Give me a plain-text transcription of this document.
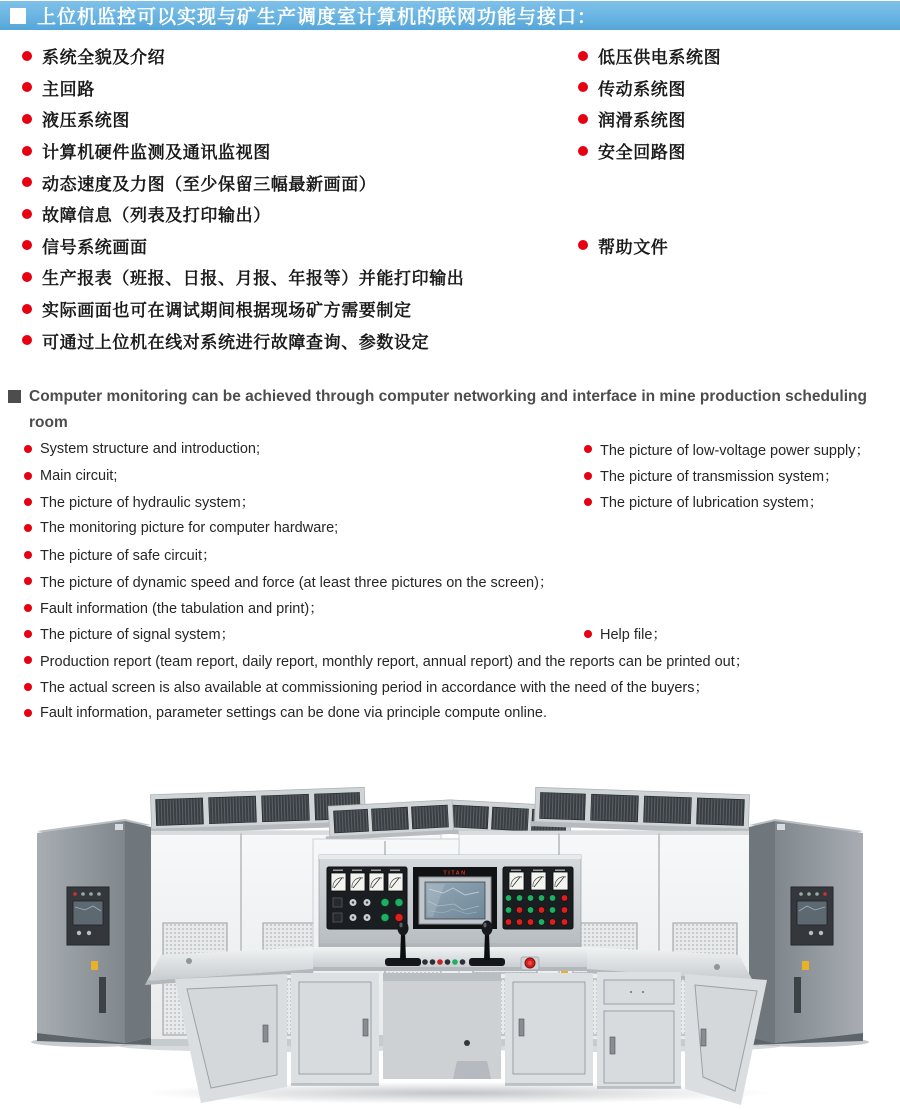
上位机监控可以实现与矿生产调度室计算机的联网功能与接口：
系统全貌及介绍	低压供电系统图
主回路	传动系统图
液压系统图	润滑系统图
计算机硬件监测及通讯监视图	安全回路图
动态速度及力图（至少保留三幅最新画面）
故障信息（列表及打印输出）
信号系统画面	帮助文件
生产报表（班报、日报、月报、年报等）并能打印输出
实际画面也可在调试期间根据现场矿方需要制定
可通过上位机在线对系统进行故障查询、参数设定
Computer monitoring can be achieved through computer networking and interface in mine production scheduling room
System structure and introduction;	The picture of low-voltage power supply；
Main circuit;	The picture of transmission system；
The picture of hydraulic system；	The picture of lubrication system；
The monitoring picture for computer hardware;
The picture of safe circuit；
The picture of dynamic speed and force (at least three pictures on the screen)；
Fault information (the tabulation and print)；
The picture of signal system；	Help file；
Production report (team report, daily report, monthly report, annual report) and the reports can be printed out；
The actual screen is also available at commissioning period in accordance with the need of the buyers；
Fault information, parameter settings can be done via principle compute online.
TITAN
